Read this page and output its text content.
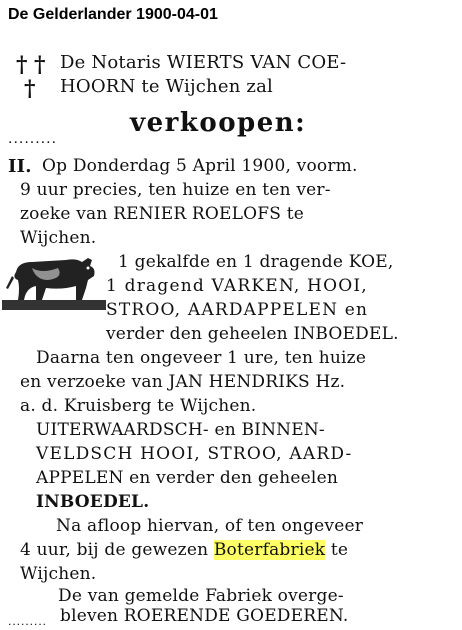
De Gelderlander 1900-04-01
† †
†
De Notaris WIERTS VAN COE-
HOORN te Wijchen zal
verkoopen:
.........
II. Op Donderdag 5 April 1900, voorm.
9 uur precies, ten huize en ten ver-
zoeke van RENIER ROELOFS te
Wijchen.
1 gekalfde en 1 dragende KOE,
1 dragend VARKEN, HOOI,
STROO, AARDAPPELEN en
verder den geheelen INBOEDEL.
Daarna ten ongeveer 1 ure, ten huize
en verzoeke van JAN HENDRIKS Hz.
a. d. Kruisberg te Wijchen.
UITERWAARDSCH- en BINNEN-
VELDSCH HOOI, STROO, AARD-
APPELEN en verder den geheelen
INBOEDEL.
Na afloop hiervan, of ten ongeveer
4 uur, bij de gewezen Boterfabriek te
Wijchen.
De van gemelde Fabriek overge-
bleven ROERENDE GOEDEREN.
.........
